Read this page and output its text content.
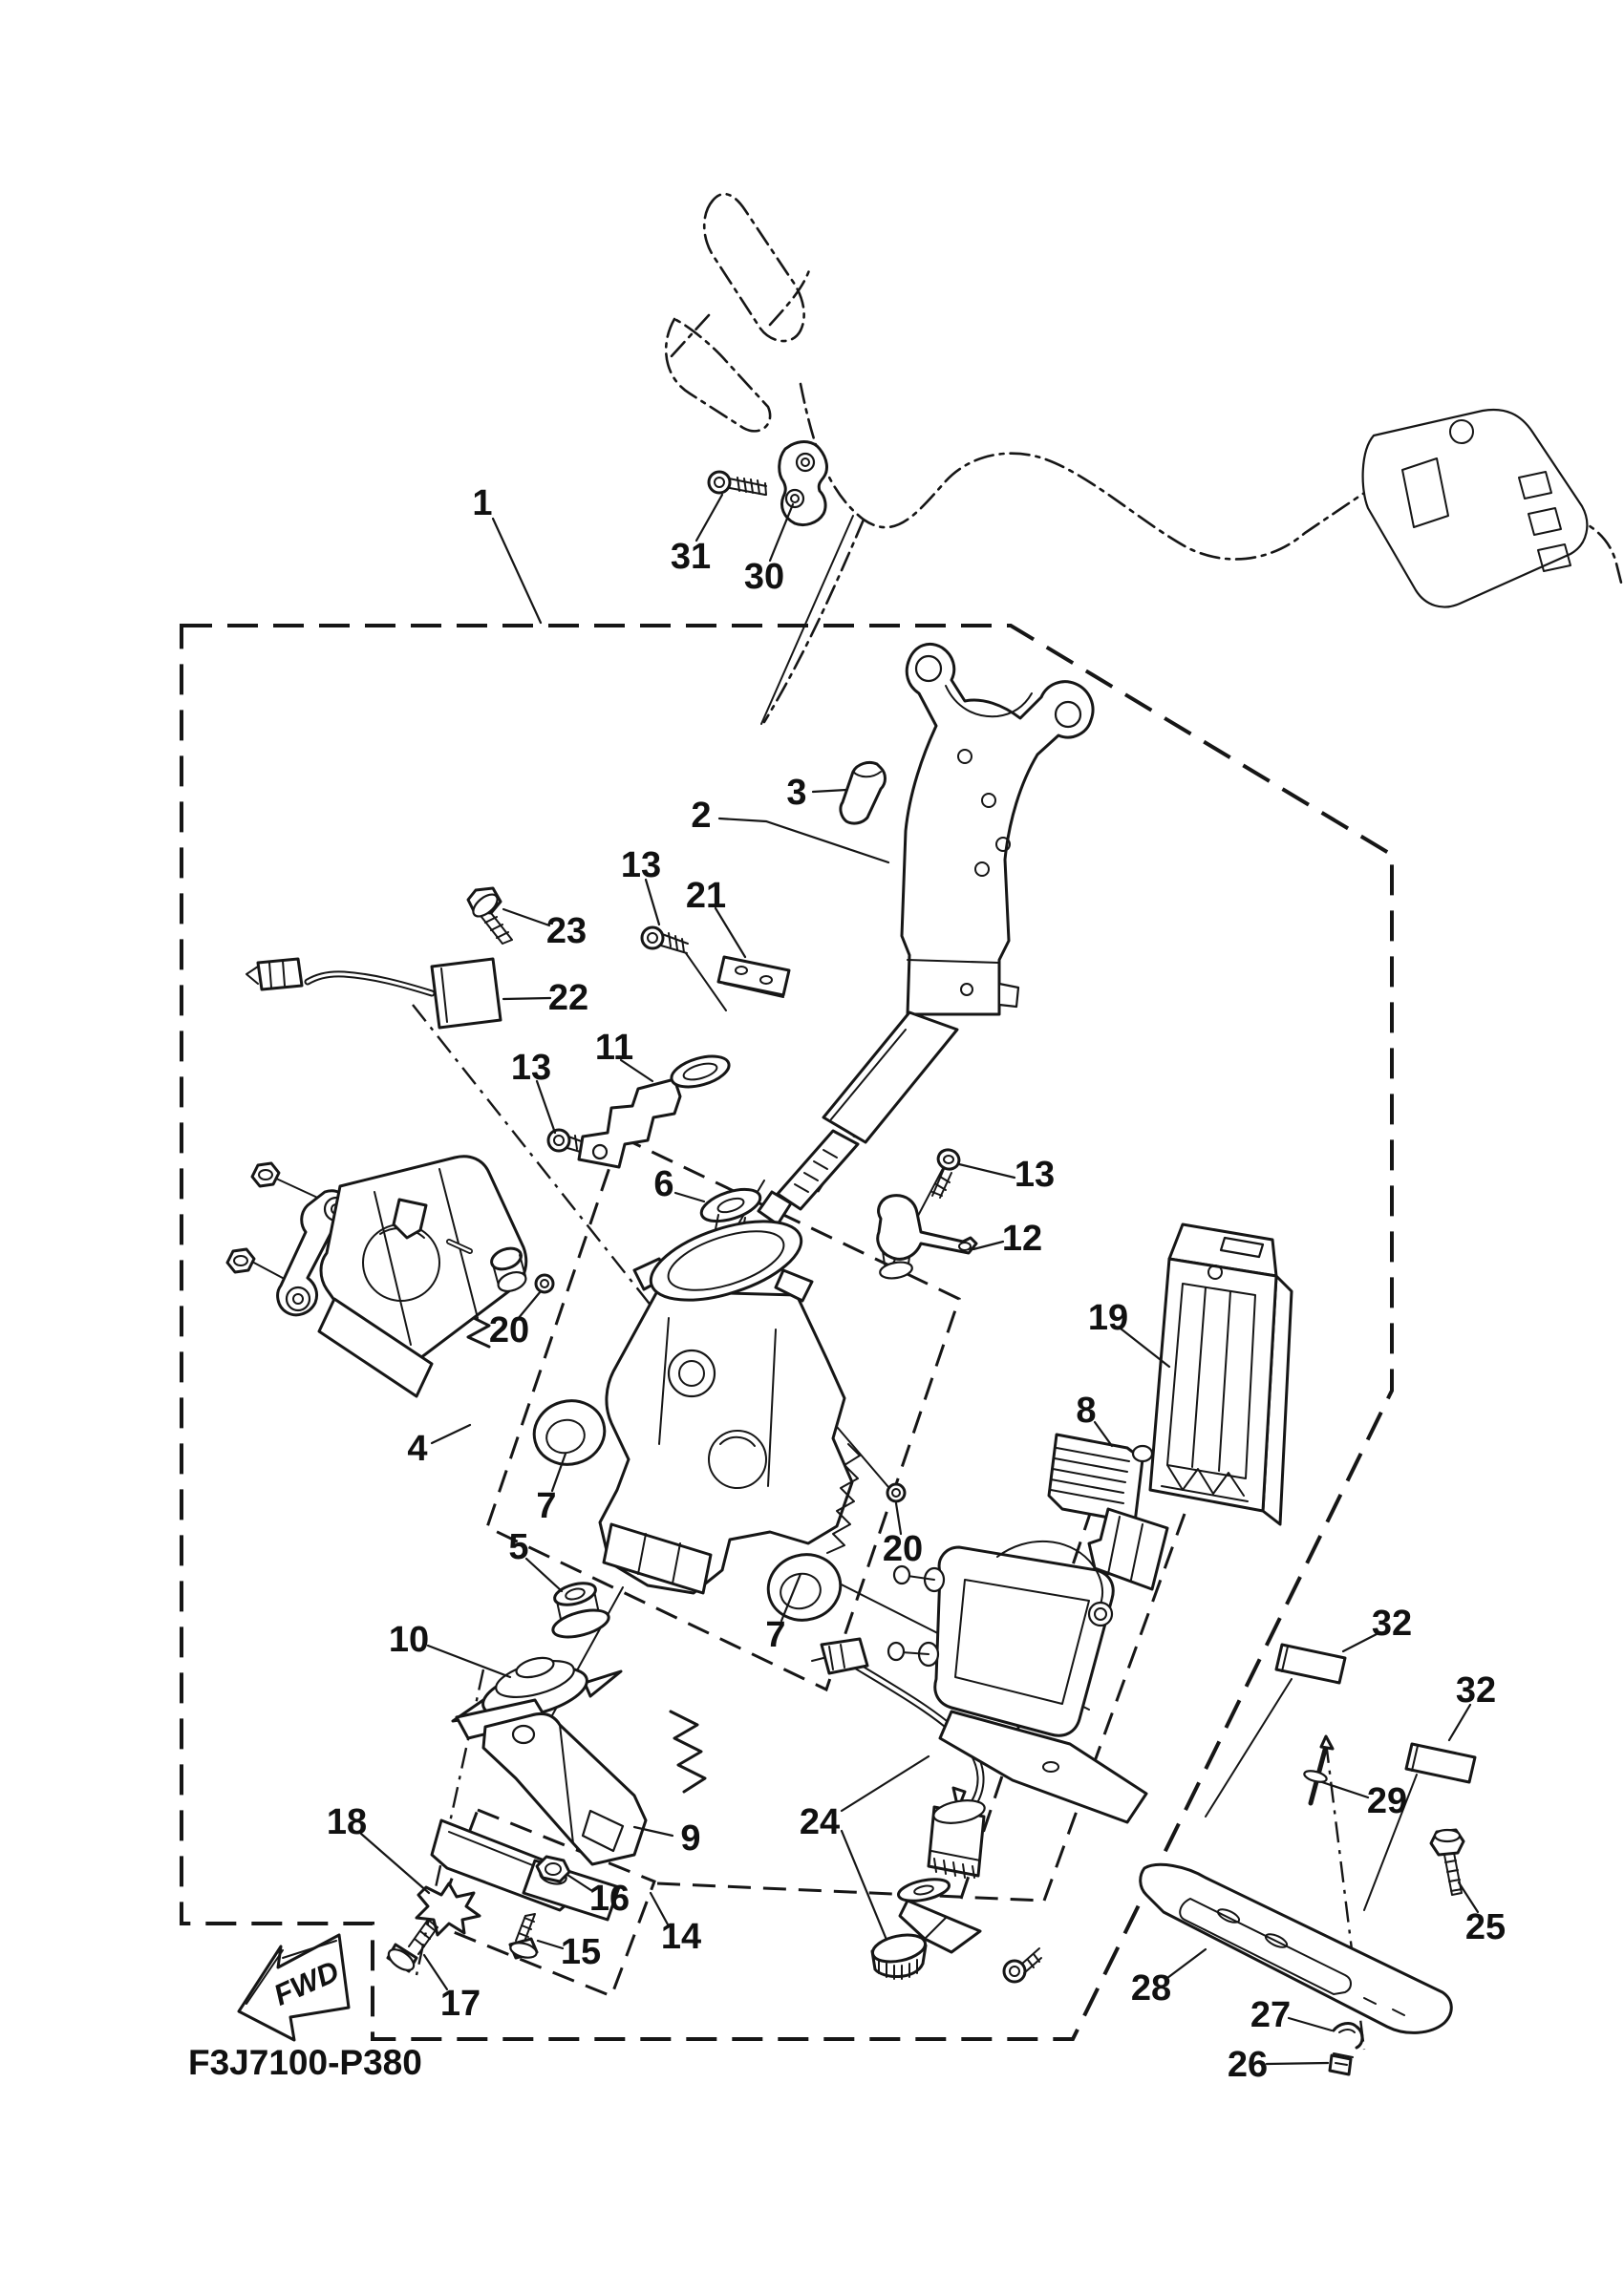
FWD
F3J7100-P380
1
31 30
2
3
13
21
23
22
11
13
13
12
6
19
20
4
7
5	20
8
7
10	32
32
29
25
9
18	24
16
14
15
17	28
27
26
